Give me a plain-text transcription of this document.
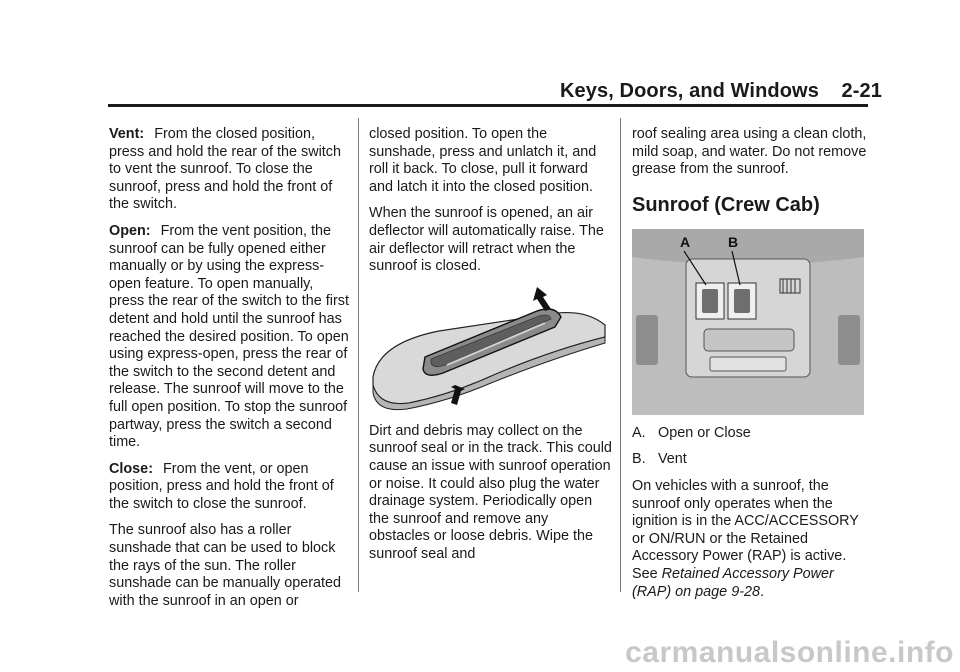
Keys, Doors, and Windows    2-21

Vent: From the closed position, press and hold the rear of the switch to vent the sunroof. To close the sunroof, press and hold the front of the switch.

Open: From the vent position, the sunroof can be fully opened either manually or by using the express-open feature. To open manually, press the rear of the switch to the first detent and hold until the sunroof has reached the desired position. To open using express-open, press the rear of the switch to the second detent and release. The sunroof will move to the full open position. To stop the sunroof partway, press the switch a second time.

Close: From the vent, or open position, press and hold the front of the switch to close the sunroof.

The sunroof also has a roller sunshade that can be used to block the rays of the sun. The roller sunshade can be manually operated with the sunroof in an open or

closed position. To open the sunshade, press and unlatch it, and roll it back. To close, pull it forward and latch it into the closed position.

When the sunroof is opened, an air deflector will automatically raise. The air deflector will retract when the sunroof is closed.

Dirt and debris may collect on the sunroof seal or in the track. This could cause an issue with sunroof operation or noise. It could also plug the water drainage system. Periodically open the sunroof and remove any obstacles or loose debris. Wipe the sunroof seal and

roof sealing area using a clean cloth, mild soap, and water. Do not remove grease from the sunroof.

Sunroof (Crew Cab)
A	B

A. Open or Close

B. Vent

On vehicles with a sunroof, the sunroof only operates when the ignition is in the ACC/ACCESSORY or ON/RUN or the Retained Accessory Power (RAP) is active. See Retained Accessory Power (RAP) on page 9‑28.

carmanualsonline.info
